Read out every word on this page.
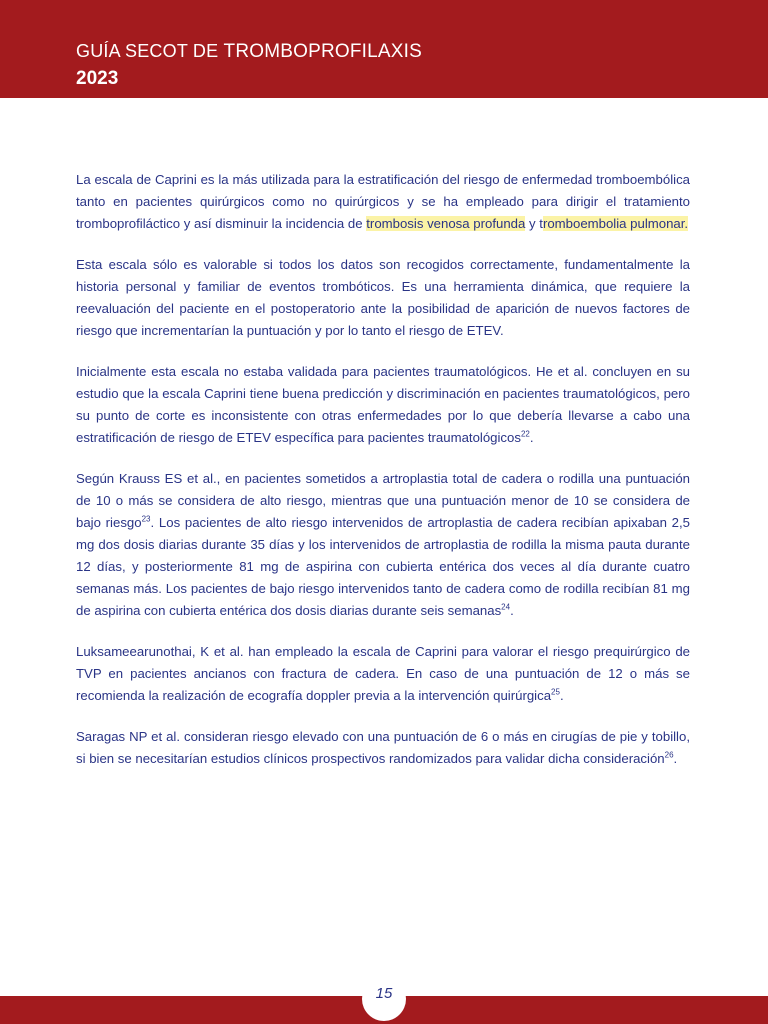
GUÍA SECOT DE TROMBOPROFILAXIS
2023

La escala de Caprini es la más utilizada para la estratificación del riesgo de enfermedad tromboembólica tanto en pacientes quirúrgicos como no quirúrgicos y se ha empleado para dirigir el tratamiento tromboprofiláctico y así disminuir la incidencia de trombosis venosa profunda y tromboembolia pulmonar.

Esta escala sólo es valorable si todos los datos son recogidos correctamente, fundamentalmente la historia personal y familiar de eventos trombóticos. Es una herramienta dinámica, que requiere la reevaluación del paciente en el postoperatorio ante la posibilidad de aparición de nuevos factores de riesgo que incrementarían la puntuación y por lo tanto el riesgo de ETEV.

Inicialmente esta escala no estaba validada para pacientes traumatológicos. He et al. concluyen en su estudio que la escala Caprini tiene buena predicción y discriminación en pacientes traumatológicos, pero su punto de corte es inconsistente con otras enfermedades por lo que debería llevarse a cabo una estratificación de riesgo de ETEV específica para pacientes traumatológicos$^{22}$.

Según Krauss ES et al., en pacientes sometidos a artroplastia total de cadera o rodilla una puntuación de 10 o más se considera de alto riesgo, mientras que una puntuación menor de 10 se considera de bajo riesgo$^{23}$. Los pacientes de alto riesgo intervenidos de artroplastia de cadera recibían apixaban 2,5 mg dos dosis diarias durante 35 días y los intervenidos de artroplastia de rodilla la misma pauta durante 12 días, y posteriormente 81 mg de aspirina con cubierta entérica dos veces al día durante cuatro semanas más. Los pacientes de bajo riesgo intervenidos tanto de cadera como de rodilla recibían 81 mg de aspirina con cubierta entérica dos dosis diarias durante seis semanas$^{24}$.

Luksameearunothai, K et al. han empleado la escala de Caprini para valorar el riesgo prequirúrgico de TVP en pacientes ancianos con fractura de cadera. En caso de una puntuación de 12 o más se recomienda la realización de ecografía doppler previa a la intervención quirúrgica$^{25}$.

Saragas NP et al. consideran riesgo elevado con una puntuación de 6 o más en cirugías de pie y tobillo, si bien se necesitarían estudios clínicos prospectivos randomizados para validar dicha consideración$^{26}$.

15
